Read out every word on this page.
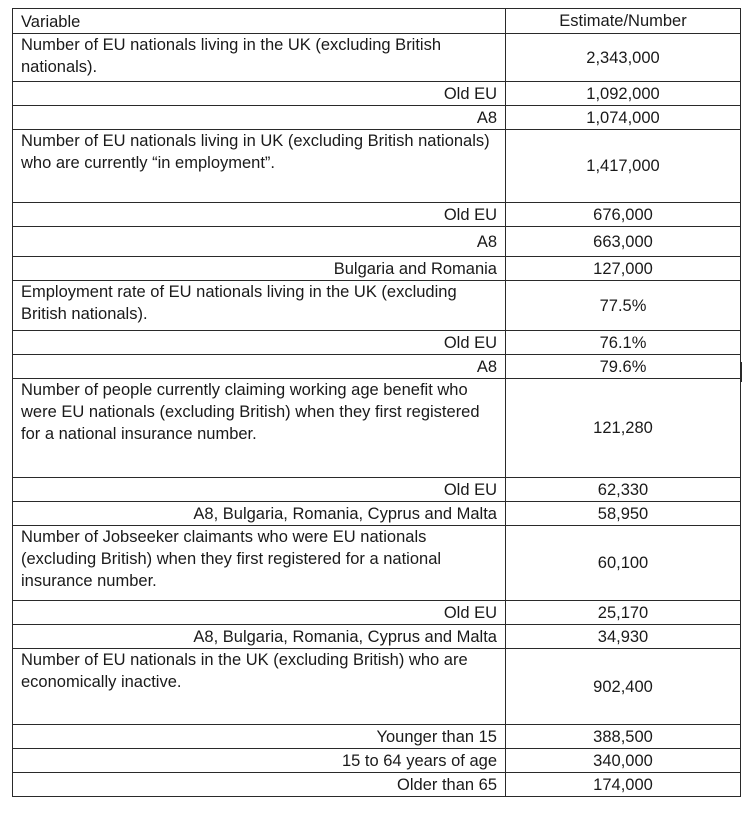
Variable	Estimate/Number
Number of EU nationals living in the UK (excluding British nationals).	2,343,000
Old EU	1,092,000
A8	1,074,000
Number of EU nationals living in UK (excluding British nationals) who are currently “in employment”.	1,417,000
Old EU	676,000
A8	663,000
Bulgaria and Romania	127,000
Employment rate of EU nationals living in the UK (excluding British nationals).	77.5%
Old EU	76.1%
A8	79.6%
Number of people currently claiming working age benefit who were EU nationals (excluding British) when they first registered for a national insurance number.	121,280
Old EU	62,330
A8, Bulgaria, Romania, Cyprus and Malta	58,950
Number of Jobseeker claimants who were EU nationals (excluding British) when they first registered for a national insurance number.	60,100
Old EU	25,170
A8, Bulgaria, Romania, Cyprus and Malta	34,930
Number of EU nationals in the UK (excluding British) who are economically inactive.	902,400
Younger than 15	388,500
15 to 64 years of age	340,000
Older than 65	174,000
